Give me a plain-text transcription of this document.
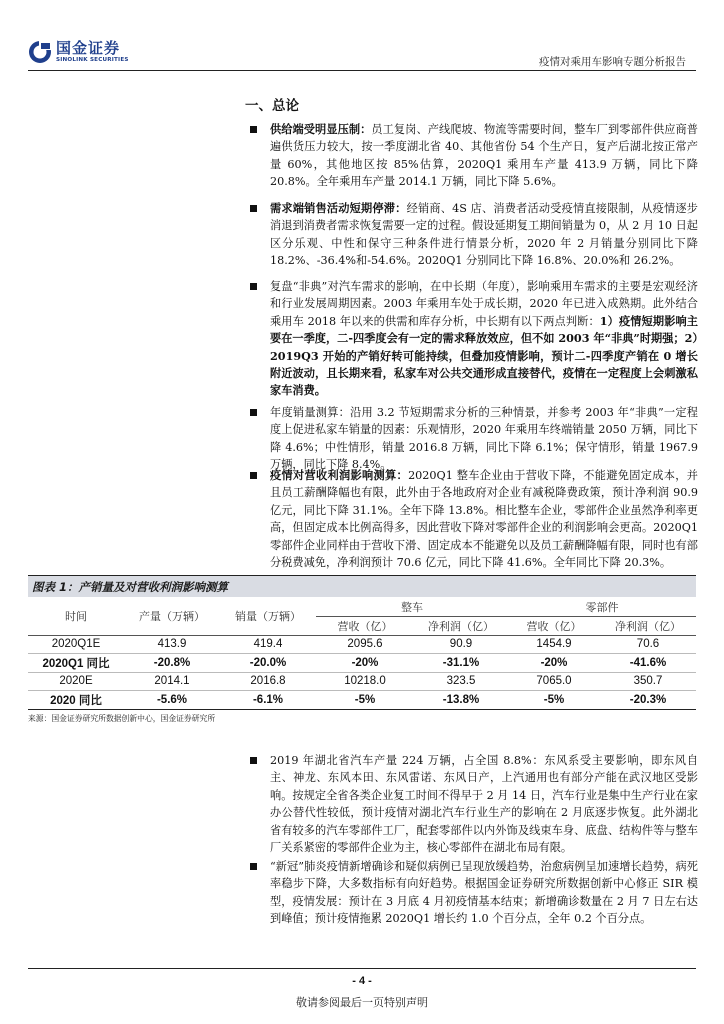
国金证券
SINOLINK SECURITIES	疫情对乘用车影响专题分析报告
一、总论
供给端受明显压制：员工复岗、产线爬坡、物流等需要时间，整车厂到零部件供应商普遍供货压力较大，按一季度湖北省 40、其他省份 54 个生产日，复产后湖北按正常产量 60%，其他地区按 85%估算，2020Q1 乘用车产量 413.9 万辆，同比下降 20.8%。全年乘用车产量 2014.1 万辆，同比下降 5.6%。
需求端销售活动短期停滞：经销商、4S 店、消费者活动受疫情直接限制，从疫情逐步消退到消费者需求恢复需要一定的过程。假设延期复工期间销量为 0，从 2 月 10 日起区分乐观、中性和保守三种条件进行情景分析，2020 年 2 月销量分别同比下降 18.2%、-36.4%和-54.6%。2020Q1 分别同比下降 16.8%、20.0%和 26.2%。
复盘“非典”对汽车需求的影响，在中长期（年度），影响乘用车需求的主要是宏观经济和行业发展周期因素。2003 年乘用车处于成长期，2020 年已进入成熟期。此外结合乘用车 2018 年以来的供需和库存分析，中长期有以下两点判断：1）疫情短期影响主要在一季度，二-四季度会有一定的需求释放效应，但不如 2003 年“非典”时期强；2）2019Q3 开始的产销好转可能持续，但叠加疫情影响，预计二-四季度产销在 0 增长附近波动，且长期来看，私家车对公共交通形成直接替代，疫情在一定程度上会刺激私家车消费。
年度销量测算：沿用 3.2 节短期需求分析的三种情景，并参考 2003 年“非典”一定程度上促进私家车销量的因素：乐观情形，2020 年乘用车终端销量 2050 万辆，同比下降 4.6%；中性情形，销量 2016.8 万辆，同比下降 6.1%；保守情形，销量 1967.9 万辆，同比下降 8.4%。
疫情对营收利润影响测算：2020Q1 整车企业由于营收下降，不能避免固定成本，并且员工薪酬降幅也有限，此外由于各地政府对企业有减税降费政策，预计净利润 90.9 亿元，同比下降 31.1%。全年下降 13.8%。相比整车企业，零部件企业虽然净利率更高，但固定成本比例高得多，因此营收下降对零部件企业的利润影响会更高。2020Q1 零部件企业同样由于营收下滑、固定成本不能避免以及员工薪酬降幅有限，同时也有部分税费减免，净利润预计 70.6 亿元，同比下降 41.6%。全年同比下降 20.3%。
2019 年湖北省汽车产量 224 万辆，占全国 8.8%：东风系受主要影响，即东风自主、神龙、东风本田、东风雷诺、东风日产，上汽通用也有部分产能在武汉地区受影响。按规定全省各类企业复工时间不得早于 2 月 14 日，汽车行业是集中生产行业在家办公替代性较低，预计疫情对湖北汽车行业生产的影响在 2 月底逐步恢复。此外湖北省有较多的汽车零部件工厂，配套零部件以内外饰及线束车身、底盘、结构件等与整车厂关系紧密的零部件企业为主，核心零部件在湖北布局有限。
“新冠”肺炎疫情新增确诊和疑似病例已呈现放缓趋势，治愈病例呈加速增长趋势，病死率稳步下降，大多数指标有向好趋势。根据国金证券研究所数据创新中心修正 SIR 模型，疫情发展：预计在 3 月底 4 月初疫情基本结束；新增确诊数量在 2 月 7 日左右达到峰值；预计疫情拖累 2020Q1 增长约 1.0 个百分点，全年 0.2 个百分点。
图表 1：产销量及对营收利润影响测算
时间	产量（万辆）	销量（万辆）	整车		零部件	
			营收（亿）	净利润（亿）	营收（亿）	净利润（亿）
2020Q1E	413.9	419.4	2095.6	90.9	1454.9	70.6
2020Q1 同比	-20.8%	-20.0%	-20%	-31.1%	-20%	-41.6%
2020E	2014.1	2016.8	10218.0	323.5	7065.0	350.7
2020 同比	-5.6%	-6.1%	-5%	-13.8%	-5%	-20.3%
来源：国金证券研究所数据创新中心，国金证券研究所
- 4 -
敬请参阅最后一页特别声明
